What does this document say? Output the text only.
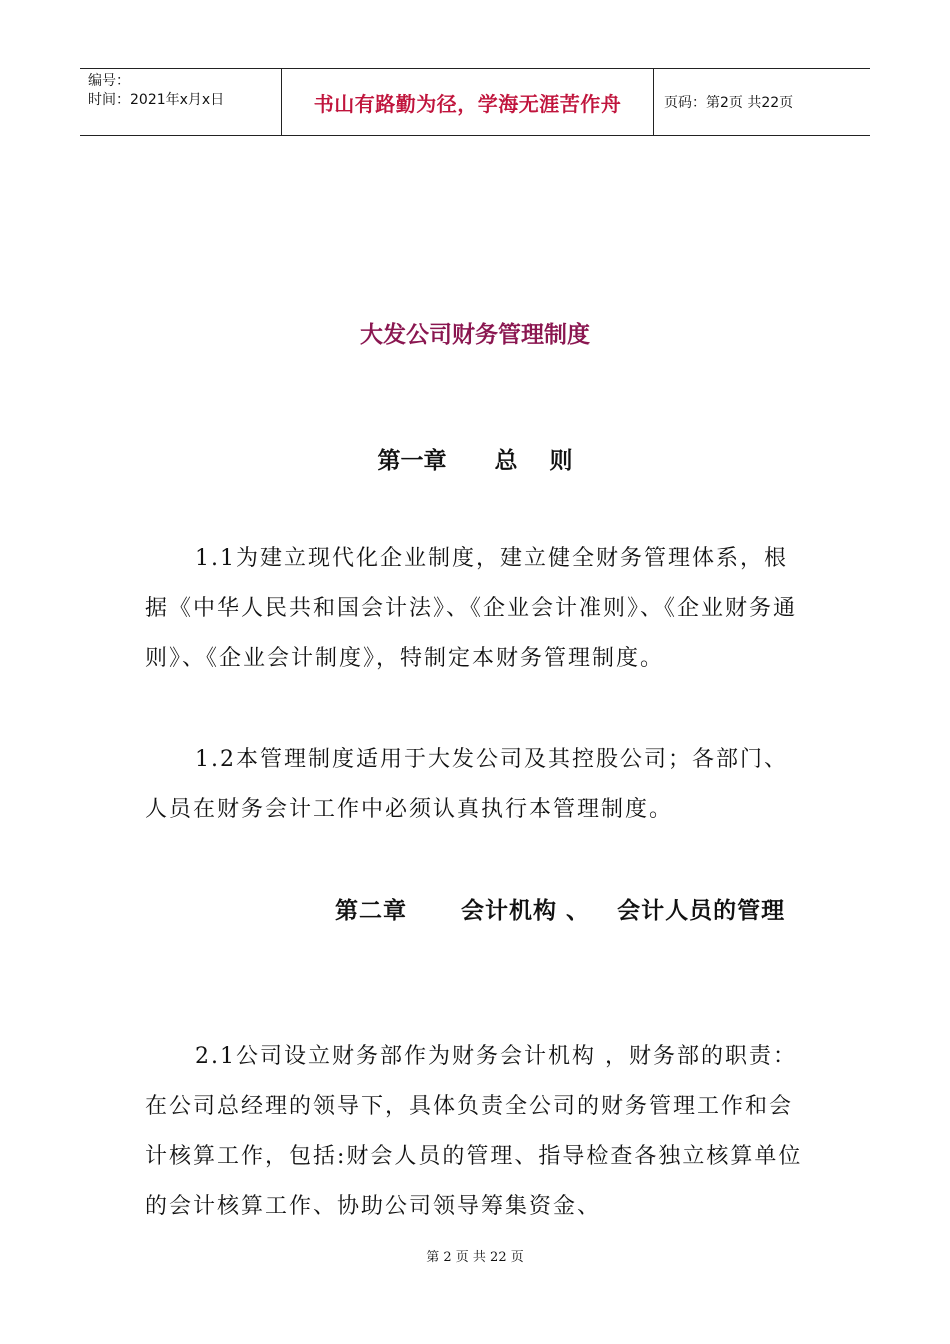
编号：
时间：2021年x月x日	书山有路勤为径，学海无涯苦作舟	页码：第2页 共22页
大发公司财务管理制度
第一章      总    则
1.1为建立现代化企业制度，建立健全财务管理体系，根据《中华人民共和国会计法》、《企业会计准则》、《企业财务通则》、《企业会计制度》，特制定本财务管理制度。
1.2本管理制度适用于大发公司及其控股公司；各部门、人员在财务会计工作中必须认真执行本管理制度。
第二章      会计机构 、   会计人员的管理
2.1公司设立财务部作为财务会计机构 ，财务部的职责：在公司总经理的领导下，具体负责全公司的财务管理工作和会计核算工作，包括:财会人员的管理、指导检查各独立核算单位的会计核算工作、协助公司领导筹集资金、
第 2 页 共 22 页
